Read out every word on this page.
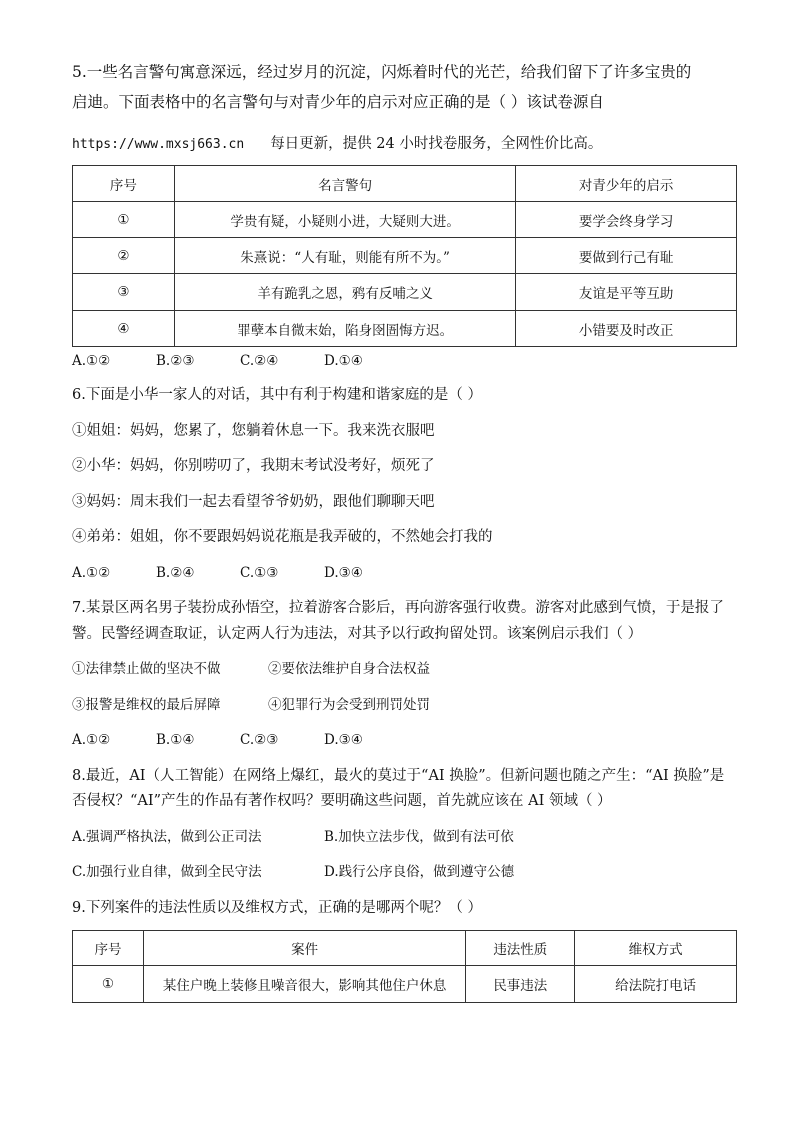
5.一些名言警句寓意深远，经过岁月的沉淀，闪烁着时代的光芒，给我们留下了许多宝贵的
启迪。下面表格中的名言警句与对青少年的启示对应正确的是（ ）该试卷源自
https://www.mxsj663.cn 每日更新，提供 24 小时找卷服务，全网性价比高。
序号	名言警句	对青少年的启示
①	学贵有疑，小疑则小进，大疑则大进。	要学会终身学习
②	朱熹说：“人有耻，则能有所不为。”	要做到行己有耻
③	羊有跪乳之恩，鸦有反哺之义	友谊是平等互助
④	罪孽本自微末始，陷身囹圄悔方迟。	小错要及时改正
A.①②	B.②③	C.②④	D.①④
6.下面是小华一家人的对话，其中有利于构建和谐家庭的是（ ）
①姐姐：妈妈，您累了，您躺着休息一下。我来洗衣服吧
②小华：妈妈，你别唠叨了，我期末考试没考好，烦死了
③妈妈：周末我们一起去看望爷爷奶奶，跟他们聊聊天吧
④弟弟：姐姐，你不要跟妈妈说花瓶是我弄破的，不然她会打我的
A.①②	B.②④	C.①③	D.③④
7.某景区两名男子装扮成孙悟空，拉着游客合影后，再向游客强行收费。游客对此感到气愤，于是报了
警。民警经调查取证，认定两人行为违法，对其予以行政拘留处罚。该案例启示我们（ ）
①法律禁止做的坚决不做	②要依法维护自身合法权益
③报警是维权的最后屏障	④犯罪行为会受到刑罚处罚
A.①②	B.①④	C.②③	D.③④
8.最近，AI（人工智能）在网络上爆红，最火的莫过于“AI 换脸”。但新问题也随之产生：“AI 换脸”是
否侵权？“AI”产生的作品有著作权吗？要明确这些问题，首先就应该在 AI 领域（ ）
A.强调严格执法，做到公正司法	B.加快立法步伐，做到有法可依
C.加强行业自律，做到全民守法	D.践行公序良俗，做到遵守公德
9.下列案件的违法性质以及维权方式，正确的是哪两个呢？（ ）
序号	案件	违法性质	维权方式
①	某住户晚上装修且噪音很大，影响其他住户休息	民事违法	给法院打电话
